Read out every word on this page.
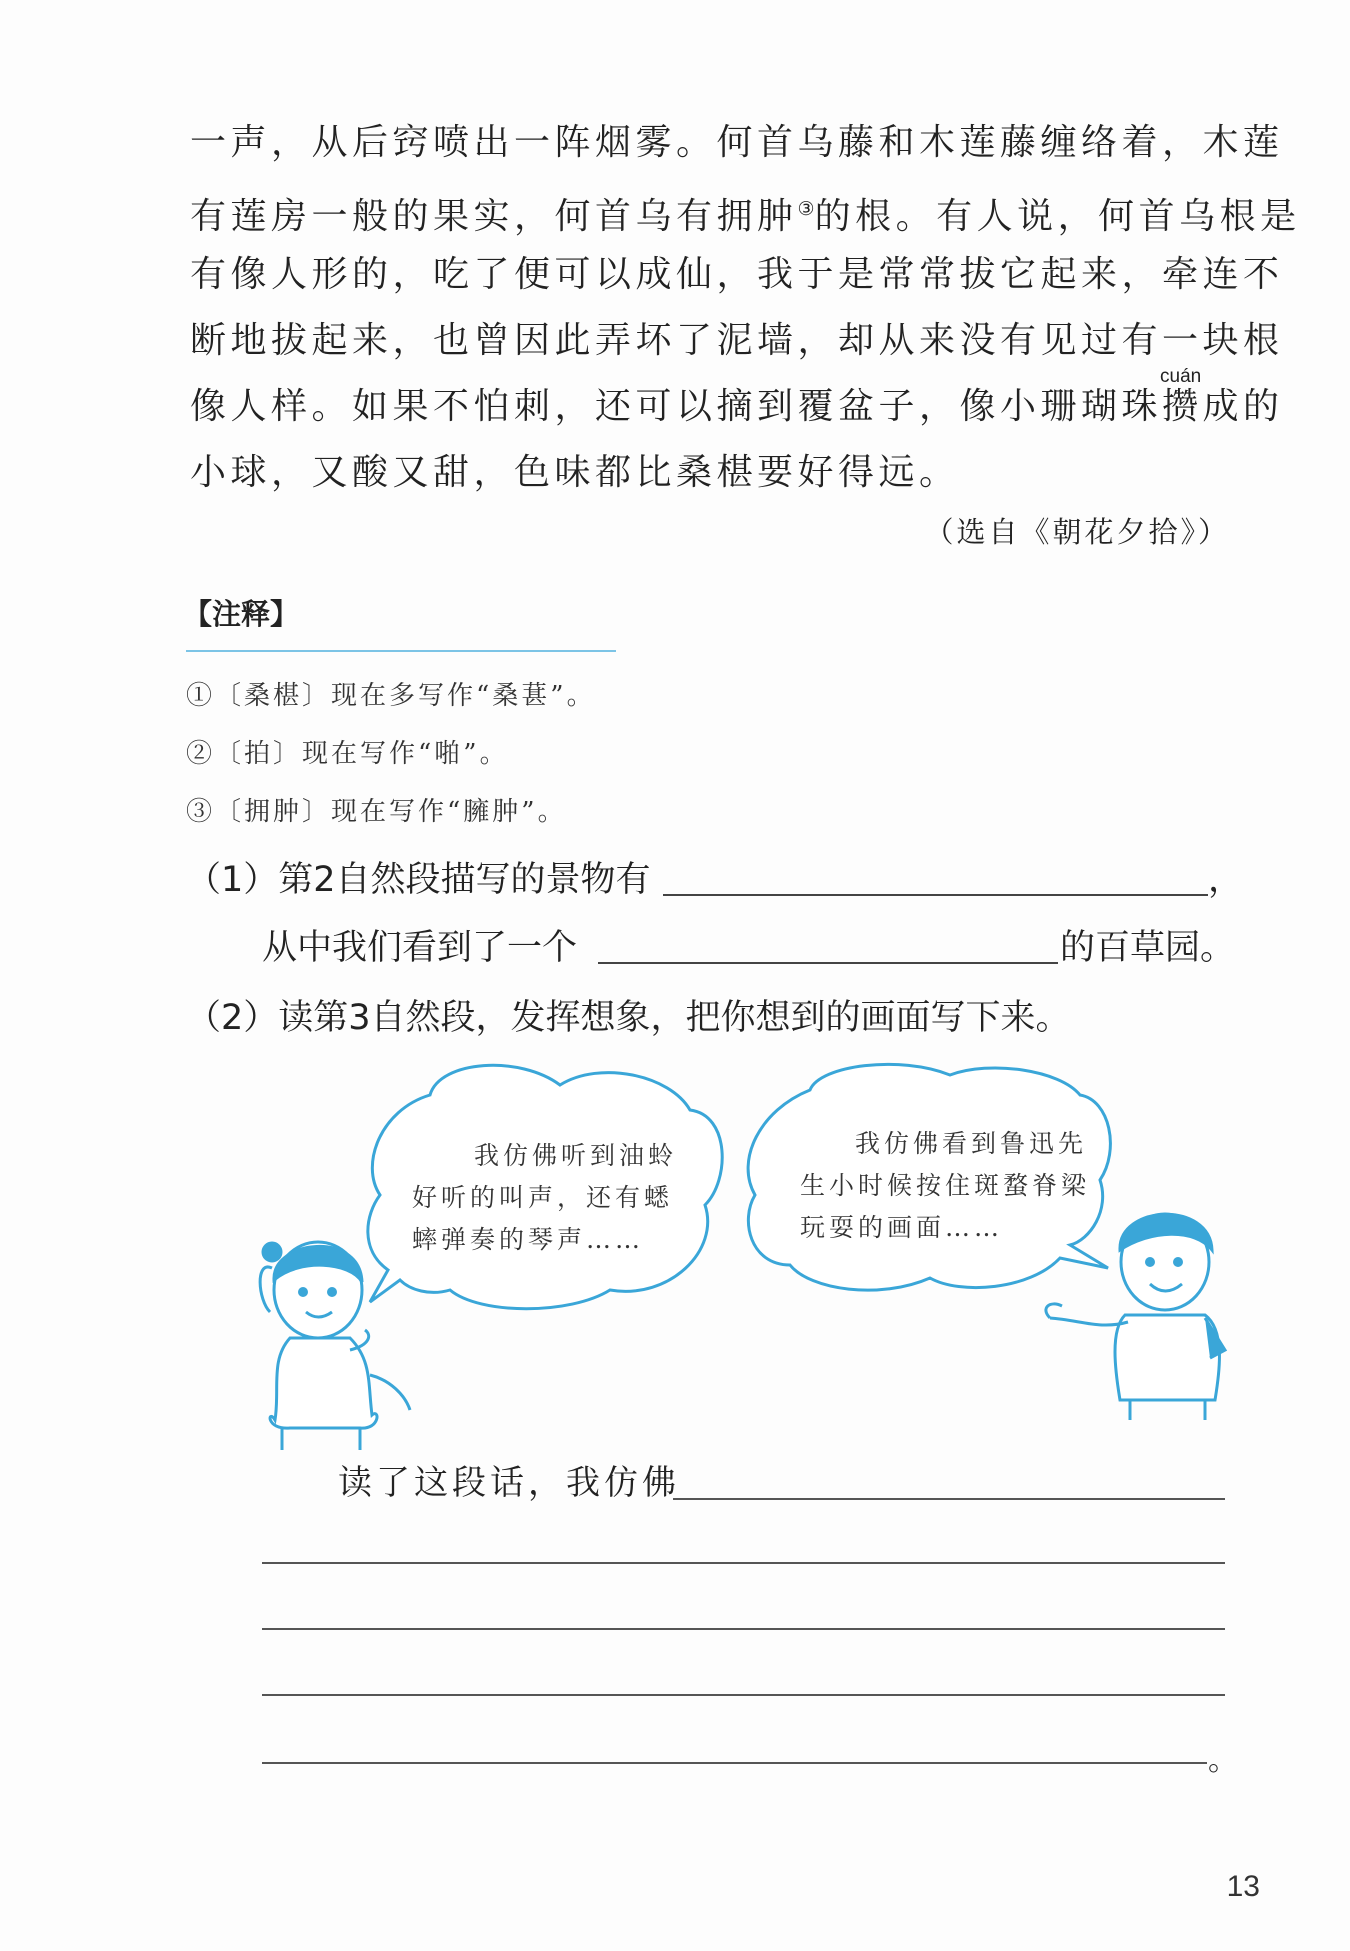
一声，从后窍喷出一阵烟雾。何首乌藤和木莲藤缠络着，木莲
有莲房一般的果实，何首乌有拥肿③的根。有人说，何首乌根是
有像人形的，吃了便可以成仙，我于是常常拔它起来，牵连不
断地拔起来，也曾因此弄坏了泥墙，却从来没有见过有一块根
像人样。如果不怕刺，还可以摘到覆盆子，像小珊瑚珠
cuán
攒成的
小球，又酸又甜，色味都比桑椹要好得远。
（选自《朝花夕拾》）
【注释】
①〔桑椹〕现在多写作“桑葚”。
②〔拍〕现在写作“啪”。
③〔拥肿〕现在写作“臃肿”。
（1）第2自然段描写的景物有	，
从中我们看到了一个	的百草园。
（2）读第3自然段，发挥想象，把你想到的画面写下来。
我仿佛听到油蛉
好听的叫声，还有蟋
蟀弹奏的琴声……
我仿佛看到鲁迅先
生小时候按住斑蝥脊梁
玩耍的画面……
读了这段话，我仿佛
。
13
